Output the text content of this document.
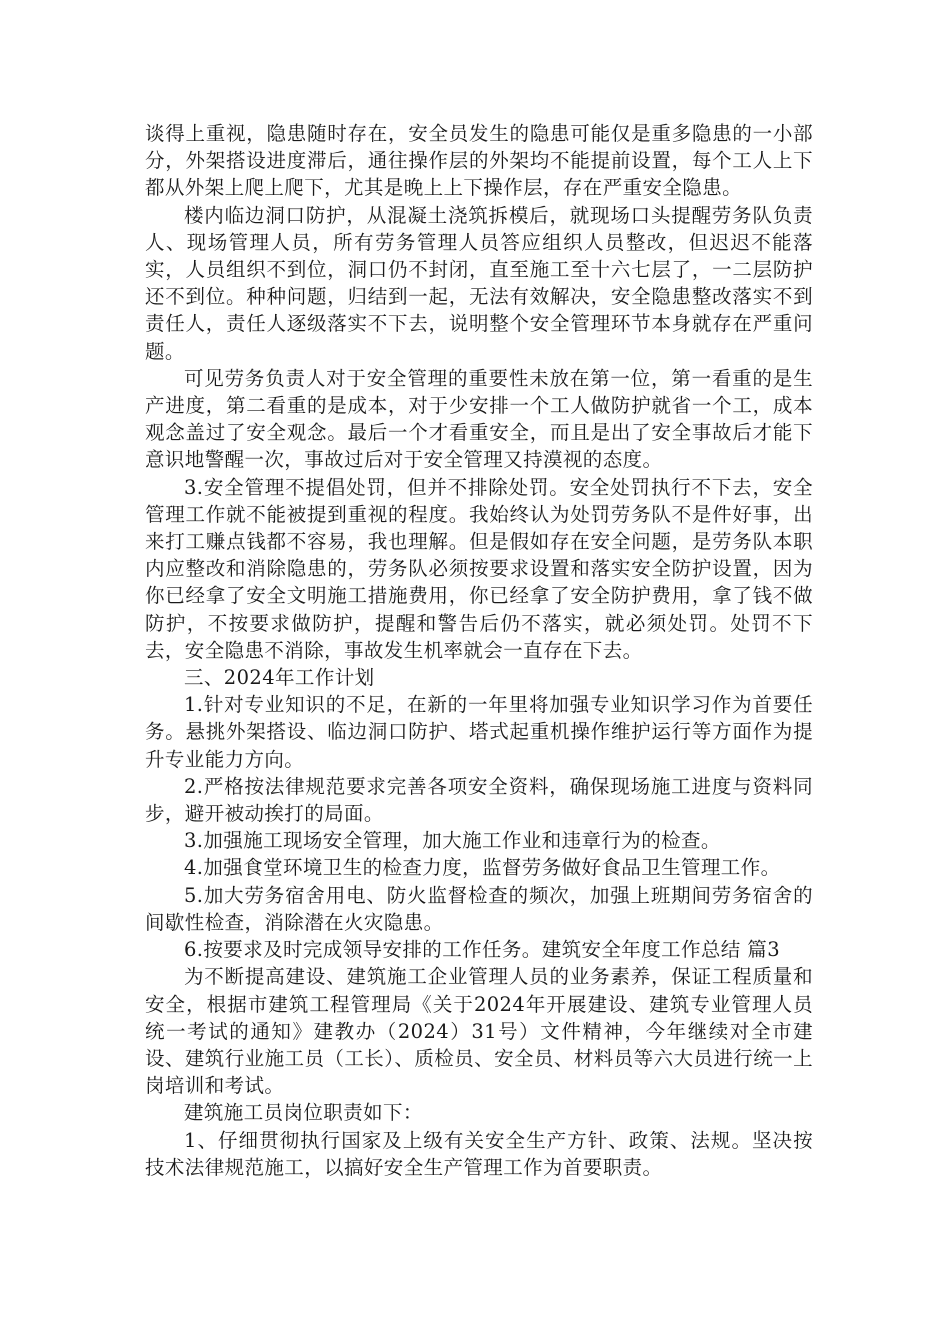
谈得上重视，隐患随时存在，安全员发生的隐患可能仅是重多隐患的一小部分，外架搭设进度滞后，通往操作层的外架均不能提前设置，每个工人上下都从外架上爬上爬下，尤其是晚上上下操作层，存在严重安全隐患。

楼内临边洞口防护，从混凝土浇筑拆模后，就现场口头提醒劳务队负责人、现场管理人员，所有劳务管理人员答应组织人员整改，但迟迟不能落实，人员组织不到位，洞口仍不封闭，直至施工至十六七层了，一二层防护还不到位。种种问题，归结到一起，无法有效解决，安全隐患整改落实不到责任人，责任人逐级落实不下去，说明整个安全管理环节本身就存在严重问题。

可见劳务负责人对于安全管理的重要性未放在第一位，第一看重的是生产进度，第二看重的是成本，对于少安排一个工人做防护就省一个工，成本观念盖过了安全观念。最后一个才看重安全，而且是出了安全事故后才能下意识地警醒一次，事故过后对于安全管理又持漠视的态度。

3.安全管理不提倡处罚，但并不排除处罚。安全处罚执行不下去，安全管理工作就不能被提到重视的程度。我始终认为处罚劳务队不是件好事，出来打工赚点钱都不容易，我也理解。但是假如存在安全问题，是劳务队本职内应整改和消除隐患的，劳务队必须按要求设置和落实安全防护设置，因为你已经拿了安全文明施工措施费用，你已经拿了安全防护费用，拿了钱不做防护，不按要求做防护，提醒和警告后仍不落实，就必须处罚。处罚不下去，安全隐患不消除，事故发生机率就会一直存在下去。

三、2024年工作计划

1.针对专业知识的不足，在新的一年里将加强专业知识学习作为首要任务。悬挑外架搭设、临边洞口防护、塔式起重机操作维护运行等方面作为提升专业能力方向。

2.严格按法律规范要求完善各项安全资料，确保现场施工进度与资料同步，避开被动挨打的局面。

3.加强施工现场安全管理，加大施工作业和违章行为的检查。

4.加强食堂环境卫生的检查力度，监督劳务做好食品卫生管理工作。

5.加大劳务宿舍用电、防火监督检查的频次，加强上班期间劳务宿舍的间歇性检查，消除潜在火灾隐患。

6.按要求及时完成领导安排的工作任务。建筑安全年度工作总结 篇3

为不断提高建设、建筑施工企业管理人员的业务素养，保证工程质量和安全，根据市建筑工程管理局《关于2024年开展建设、建筑专业管理人员统一考试的通知》建教办（2024）31号）文件精神，今年继续对全市建设、建筑行业施工员（工长）、质检员、安全员、材料员等六大员进行统一上岗培训和考试。

建筑施工员岗位职责如下：

1、仔细贯彻执行国家及上级有关安全生产方针、政策、法规。坚决按技术法律规范施工，以搞好安全生产管理工作为首要职责。
